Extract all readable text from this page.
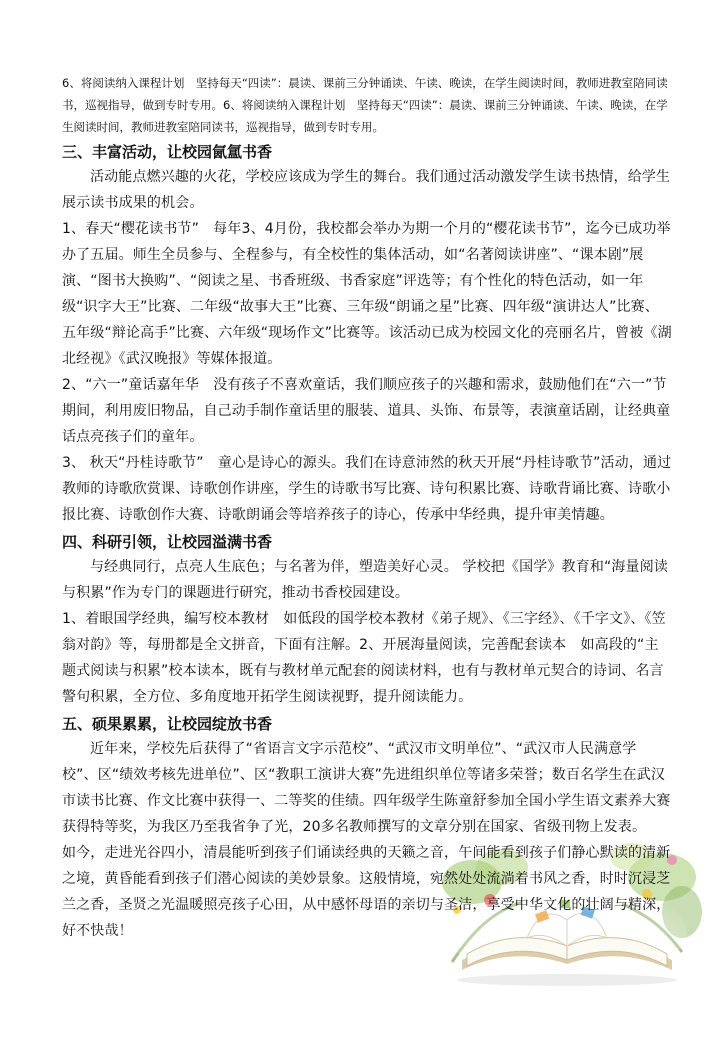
6、将阅读纳入课程计划　坚持每天“四读”：晨读、课前三分钟诵读、午读、晚读，在学生阅读时间，教师进教室陪同读书，巡视指导，做到专时专用。6、将阅读纳入课程计划　坚持每天“四读”：晨读、课前三分钟诵读、午读、晚读，在学生阅读时间，教师进教室陪同读书，巡视指导，做到专时专用。

三、丰富活动，让校园氤氲书香

活动能点燃兴趣的火花，学校应该成为学生的舞台。我们通过活动激发学生读书热情，给学生展示读书成果的机会。

1、春天“樱花读书节”　每年3、4月份，我校都会举办为期一个月的“樱花读书节”，迄今已成功举办了五届。师生全员参与、全程参与，有全校性的集体活动，如“名著阅读讲座”、“课本剧”展演、“图书大换购”、“阅读之星、书香班级、书香家庭”评选等；有个性化的特色活动，如一年级“识字大王”比赛、二年级“故事大王”比赛、三年级“朗诵之星”比赛、四年级“演讲达人”比赛、五年级“辩论高手”比赛、六年级“现场作文”比赛等。该活动已成为校园文化的亮丽名片，曾被《湖北经视》《武汉晚报》等媒体报道。

2、“六一”童话嘉年华　没有孩子不喜欢童话，我们顺应孩子的兴趣和需求，鼓励他们在“六一”节期间，利用废旧物品，自己动手制作童话里的服装、道具、头饰、布景等，表演童话剧，让经典童话点亮孩子们的童年。

3、 秋天“丹桂诗歌节”　童心是诗心的源头。我们在诗意沛然的秋天开展“丹桂诗歌节”活动，通过教师的诗歌欣赏课、诗歌创作讲座，学生的诗歌书写比赛、诗句积累比赛、诗歌背诵比赛、诗歌小报比赛、诗歌创作大赛、诗歌朗诵会等培养孩子的诗心，传承中华经典，提升审美情趣。

四、科研引领，让校园溢满书香

与经典同行，点亮人生底色；与名著为伴，塑造美好心灵。 学校把《国学》教育和“海量阅读与积累”作为专门的课题进行研究，推动书香校园建设。

1、着眼国学经典，编写校本教材　如低段的国学校本教材《弟子规》、《三字经》、《千字文》、《笠翁对韵》等，每册都是全文拼音，下面有注解。2、开展海量阅读，完善配套读本　如高段的“主题式阅读与积累”校本读本，既有与教材单元配套的阅读材料，也有与教材单元契合的诗词、名言警句积累，全方位、多角度地开拓学生阅读视野，提升阅读能力。

五、硕果累累，让校园绽放书香

近年来，学校先后获得了“省语言文字示范校”、“武汉市文明单位”、“武汉市人民满意学校”、区“绩效考核先进单位”、区“教职工演讲大赛”先进组织单位等诸多荣誉；数百名学生在武汉市读书比赛、作文比赛中获得一、二等奖的佳绩。四年级学生陈童舒参加全国小学生语文素养大赛获得特等奖，为我区乃至我省争了光，20多名教师撰写的文章分别在国家、省级刊物上发表。

如今，走进光谷四小，清晨能听到孩子们诵读经典的天籁之音，午间能看到孩子们静心默读的清新之境，黄昏能看到孩子们潜心阅读的美妙景象。这般情境，宛然处处流淌着书风之香，时时沉浸芝兰之香，圣贤之光温暖照亮孩子心田，从中感怀母语的亲切与圣洁，享受中华文化的壮阔与精深，好不快哉！
